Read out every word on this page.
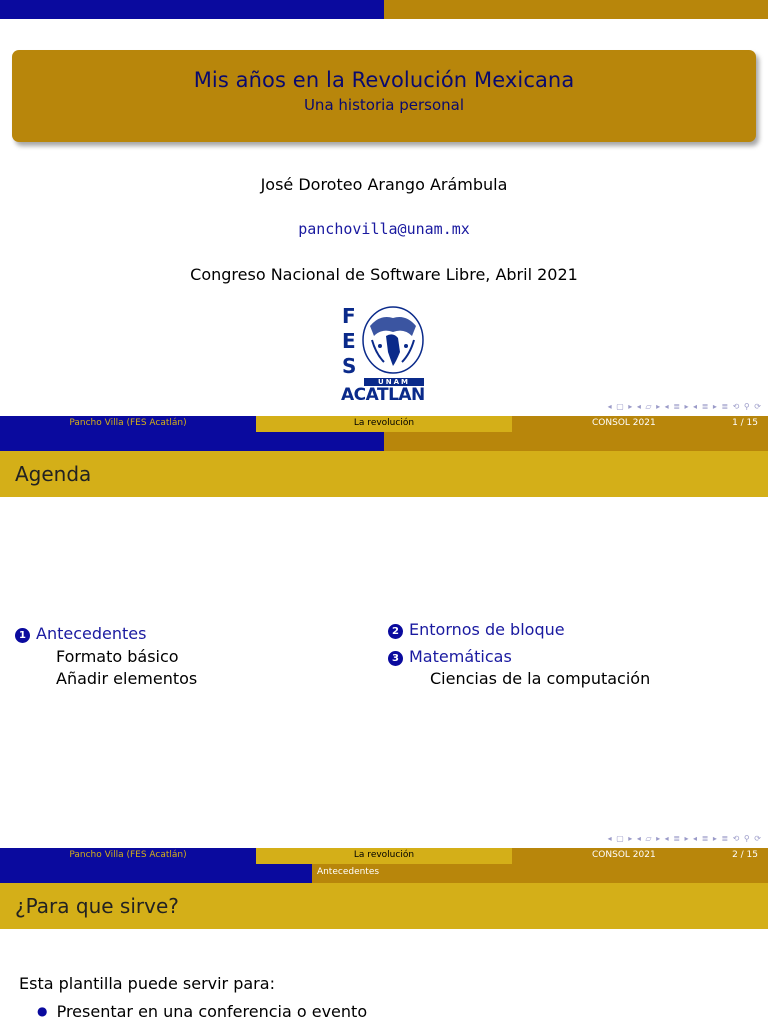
Mis años en la Revolución Mexicana
Una historia personal
José Doroteo Arango Arámbula
panchovilla@unam.mx
Congreso Nacional de Software Libre, Abril 2021
F
E
S
UNAM
ACATLAN
◂ ▢ ▸ ◂ ▱ ▸ ◂ ≣ ▸ ◂ ≣ ▸ ≣ ⟲ ⚲ ⟳
Pancho Villa (FES Acatlán)	La revolución	CONSOL 2021	1 / 15
Agenda
1 Antecedentes
Formato básico
Añadir elementos
2 Entornos de bloque
3 Matemáticas
Ciencias de la computación
◂ ▢ ▸ ◂ ▱ ▸ ◂ ≣ ▸ ◂ ≣ ▸ ≣ ⟲ ⚲ ⟳
Pancho Villa (FES Acatlán)	La revolución	CONSOL 2021	2 / 15
Antecedentes
¿Para que sirve?
Esta plantilla puede servir para:
● Presentar en una conferencia o evento
